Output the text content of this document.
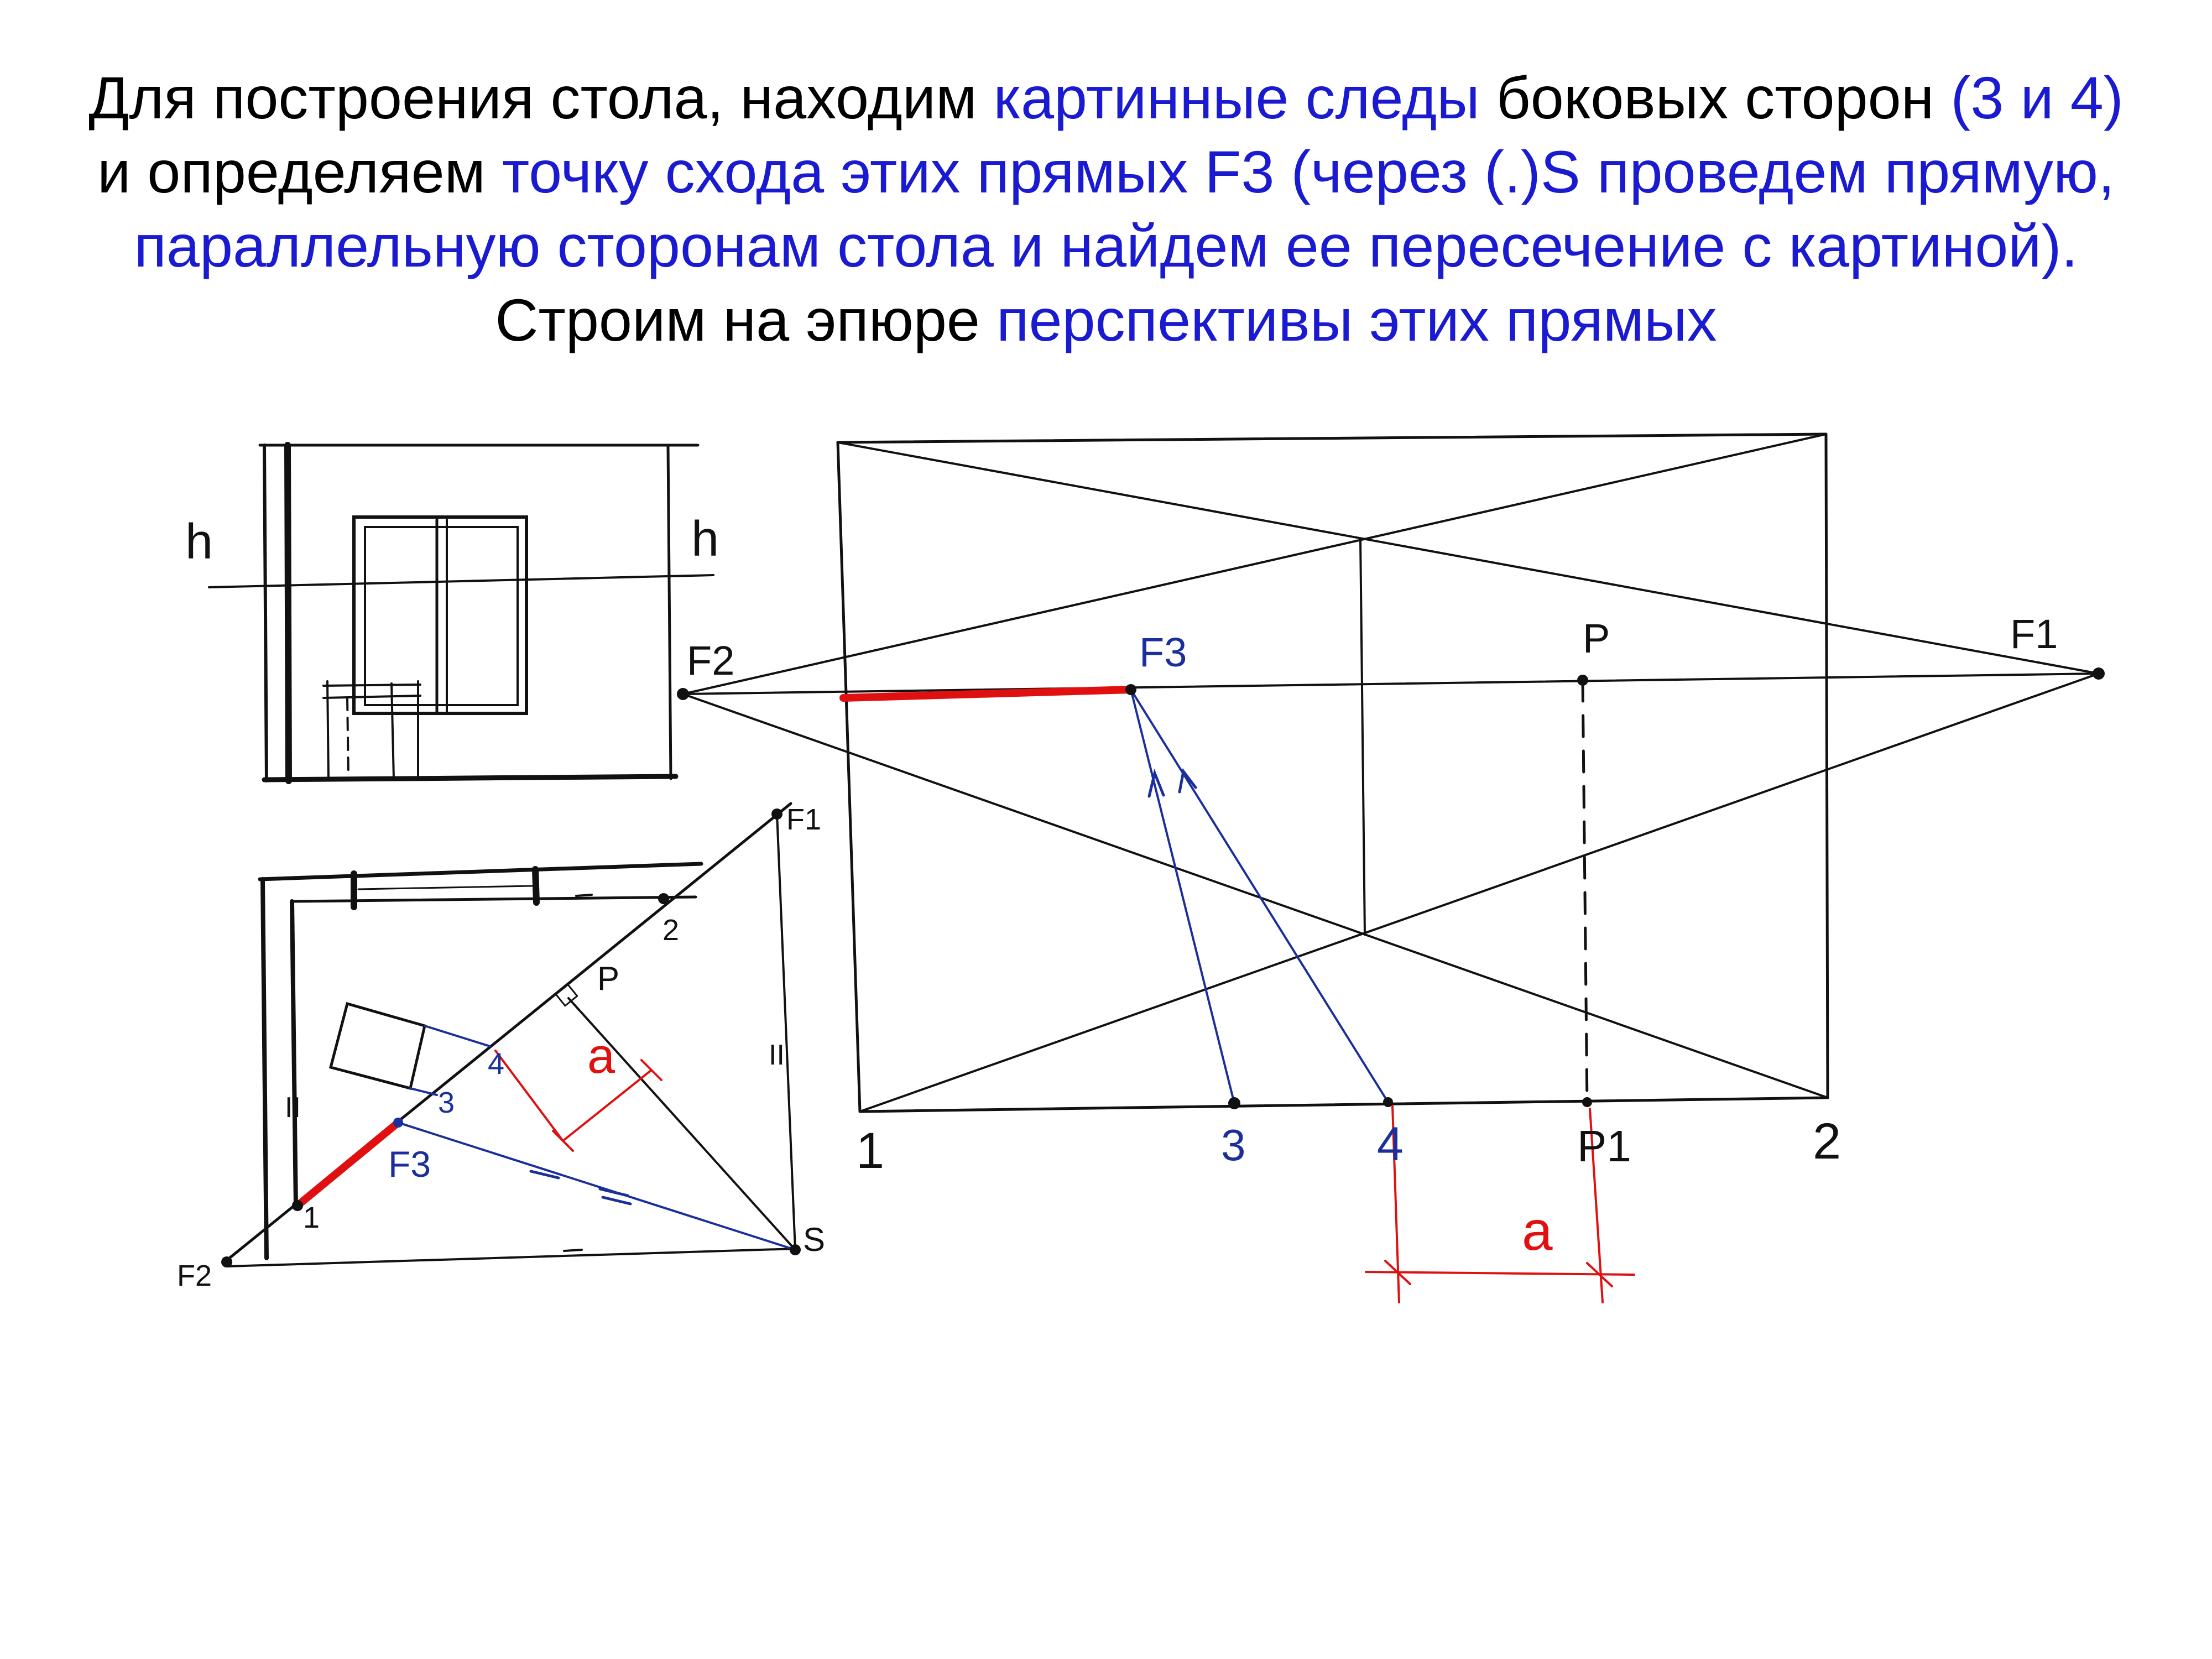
Для построения стола, находим картинные следы боковых сторон (3 и 4) и определяем точку схода этих прямых F3 (через (.)S проведем прямую, параллельную сторонам стола и найдем ее пересечение с картиной). Строим на эпюре перспективы этих прямых
h	h
F1
F2
P
S
2
1
3
4
F3
a
II
II
F2
F1
F3	P
1	3	4	P1	2
a
